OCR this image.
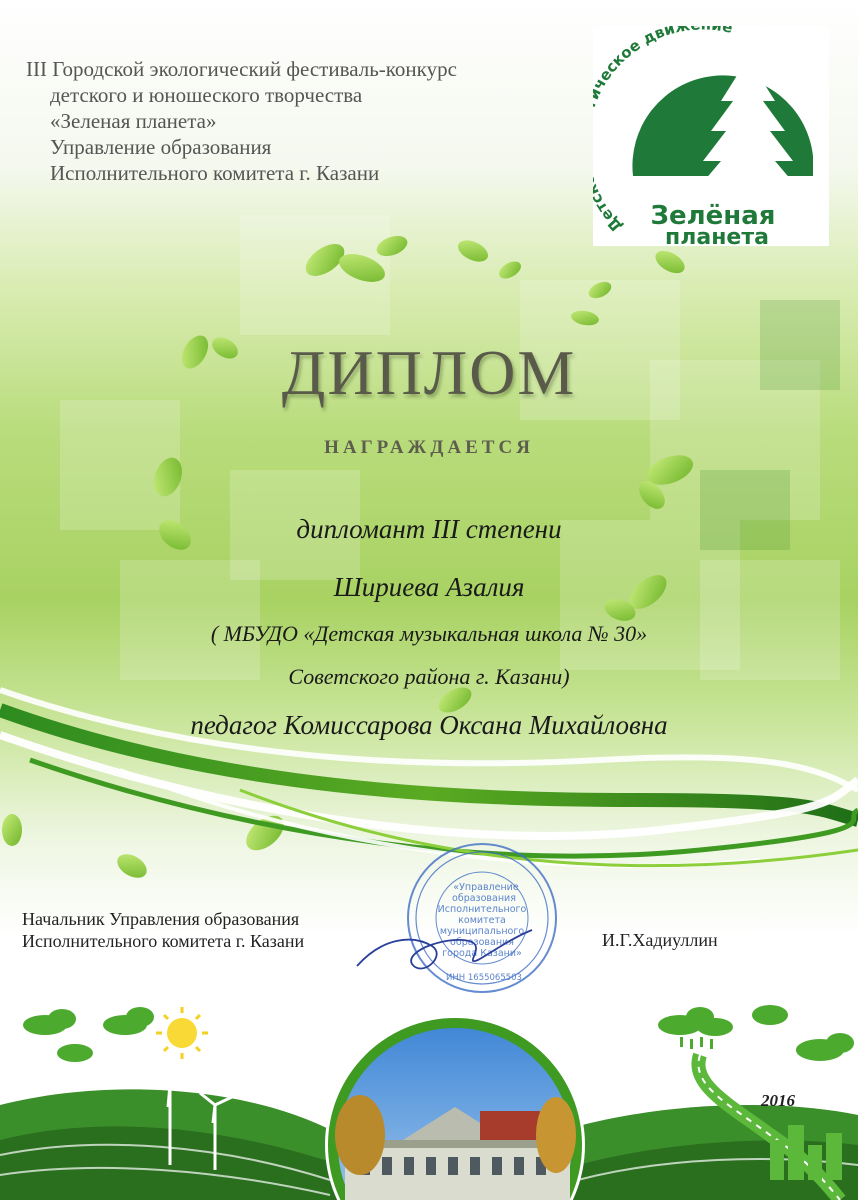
III Городской экологический фестиваль-конкурс
детского и юношеского творчества
«Зеленая планета»
Управление образования
Исполнительного комитета г. Казани
Дет еское движ е
Зелёная
планета
ДИПЛОМ
НАГРАЖДАЕТСЯ
дипломант III степени
Шириева Азалия
( МБУДО «Детская музыкальная школа № 30»
Советского района г. Казани)
педагог Комиссарова Оксана Михайловна
«Управление
образования
Исполнительного
комитета
муниципального
образования
города Казани»
ИНН 1655065503
Начальник Управления образования
Исполнительного комитета г. Казани	И.Г.Хадиуллин
2016
